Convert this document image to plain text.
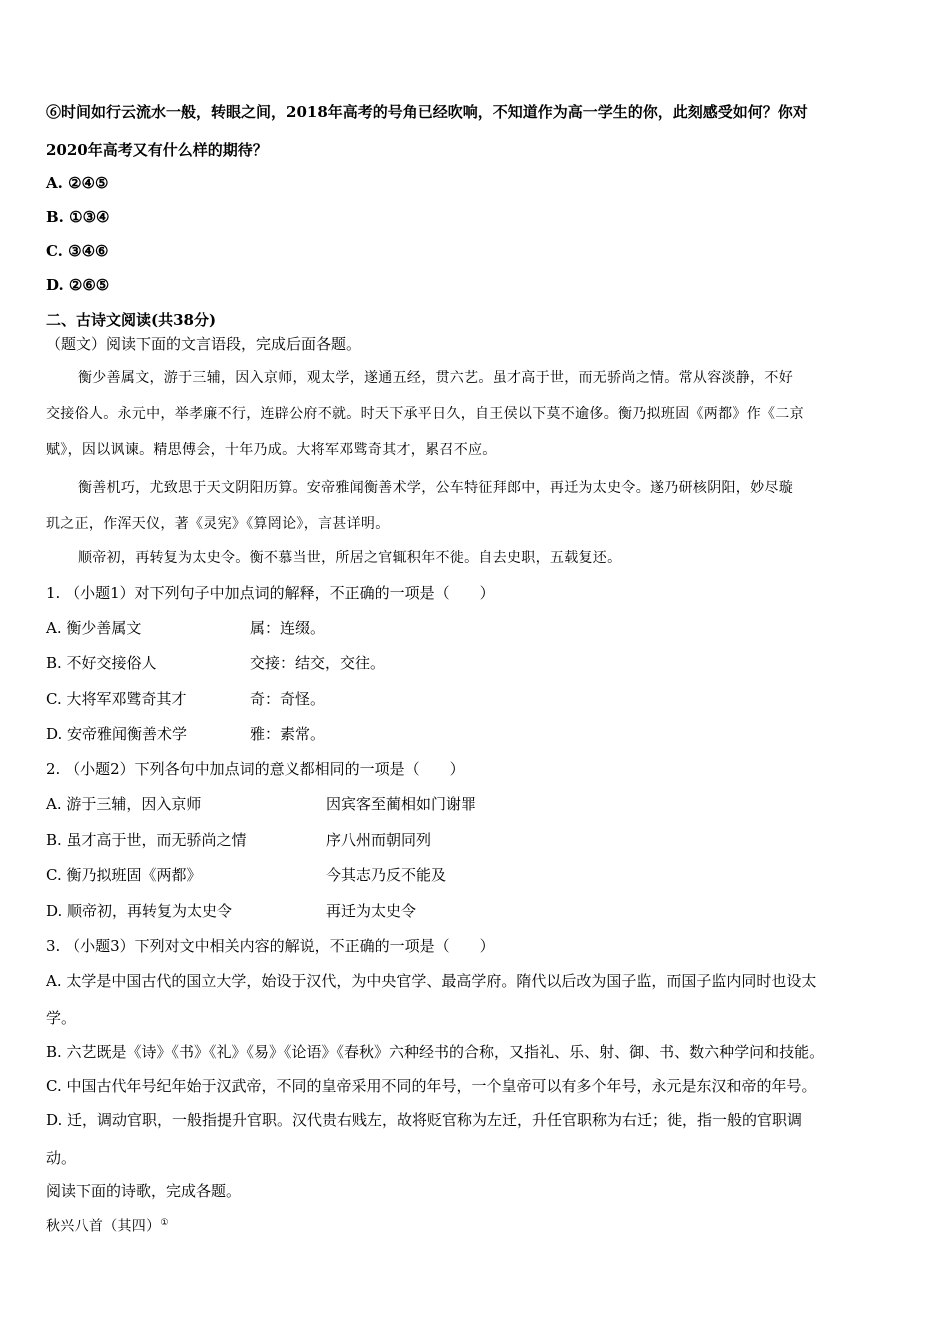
⑥时间如行云流水一般，转眼之间，2018年高考的号角已经吹响，不知道作为高一学生的你，此刻感受如何？你对
2020年高考又有什么样的期待？
A. ②④⑤
B. ①③④
C. ③④⑥
D. ②⑥⑤
二、古诗文阅读(共38分)
（题文）阅读下面的文言语段，完成后面各题。
衡少善属文，游于三辅，因入京师，观太学，遂通五经，贯六艺。虽才高于世，而无骄尚之情。常从容淡静，不好
交接俗人。永元中，举孝廉不行，连辟公府不就。时天下承平日久，自王侯以下莫不逾侈。衡乃拟班固《两都》作《二京
赋》，因以讽谏。精思傅会，十年乃成。大将军邓骘奇其才，累召不应。
衡善机巧，尤致思于天文阴阳历算。安帝雅闻衡善术学，公车特征拜郎中，再迁为太史令。遂乃研核阴阳，妙尽璇
玑之正，作浑天仪，著《灵宪》《算罔论》，言甚详明。
顺帝初，再转复为太史令。衡不慕当世，所居之官辄积年不徙。自去史职，五载复还。
1. （小题1）对下列句子中加点词的解释，不正确的一项是（　　）
A. 衡少善属文	属：连缀。
B. 不好交接俗人	交接：结交，交往。
C. 大将军邓骘奇其才	奇：奇怪。
D. 安帝雅闻衡善术学	雅：素常。
2. （小题2）下列各句中加点词的意义都相同的一项是（　　）
A. 游于三辅，因入京师	因宾客至蔺相如门谢罪
B. 虽才高于世，而无骄尚之情	序八州而朝同列
C. 衡乃拟班固《两都》	今其志乃反不能及
D. 顺帝初，再转复为太史令	再迁为太史令
3. （小题3）下列对文中相关内容的解说，不正确的一项是（　　）
A. 太学是中国古代的国立大学，始设于汉代，为中央官学、最高学府。隋代以后改为国子监，而国子监内同时也设太
学。
B. 六艺既是《诗》《书》《礼》《易》《论语》《春秋》六种经书的合称，又指礼、乐、射、御、书、数六种学问和技能。
C. 中国古代年号纪年始于汉武帝，不同的皇帝采用不同的年号，一个皇帝可以有多个年号，永元是东汉和帝的年号。
D. 迁，调动官职，一般指提升官职。汉代贵右贱左，故将贬官称为左迁，升任官职称为右迁；徙，指一般的官职调
动。
阅读下面的诗歌，完成各题。
秋兴八首（其四）①
